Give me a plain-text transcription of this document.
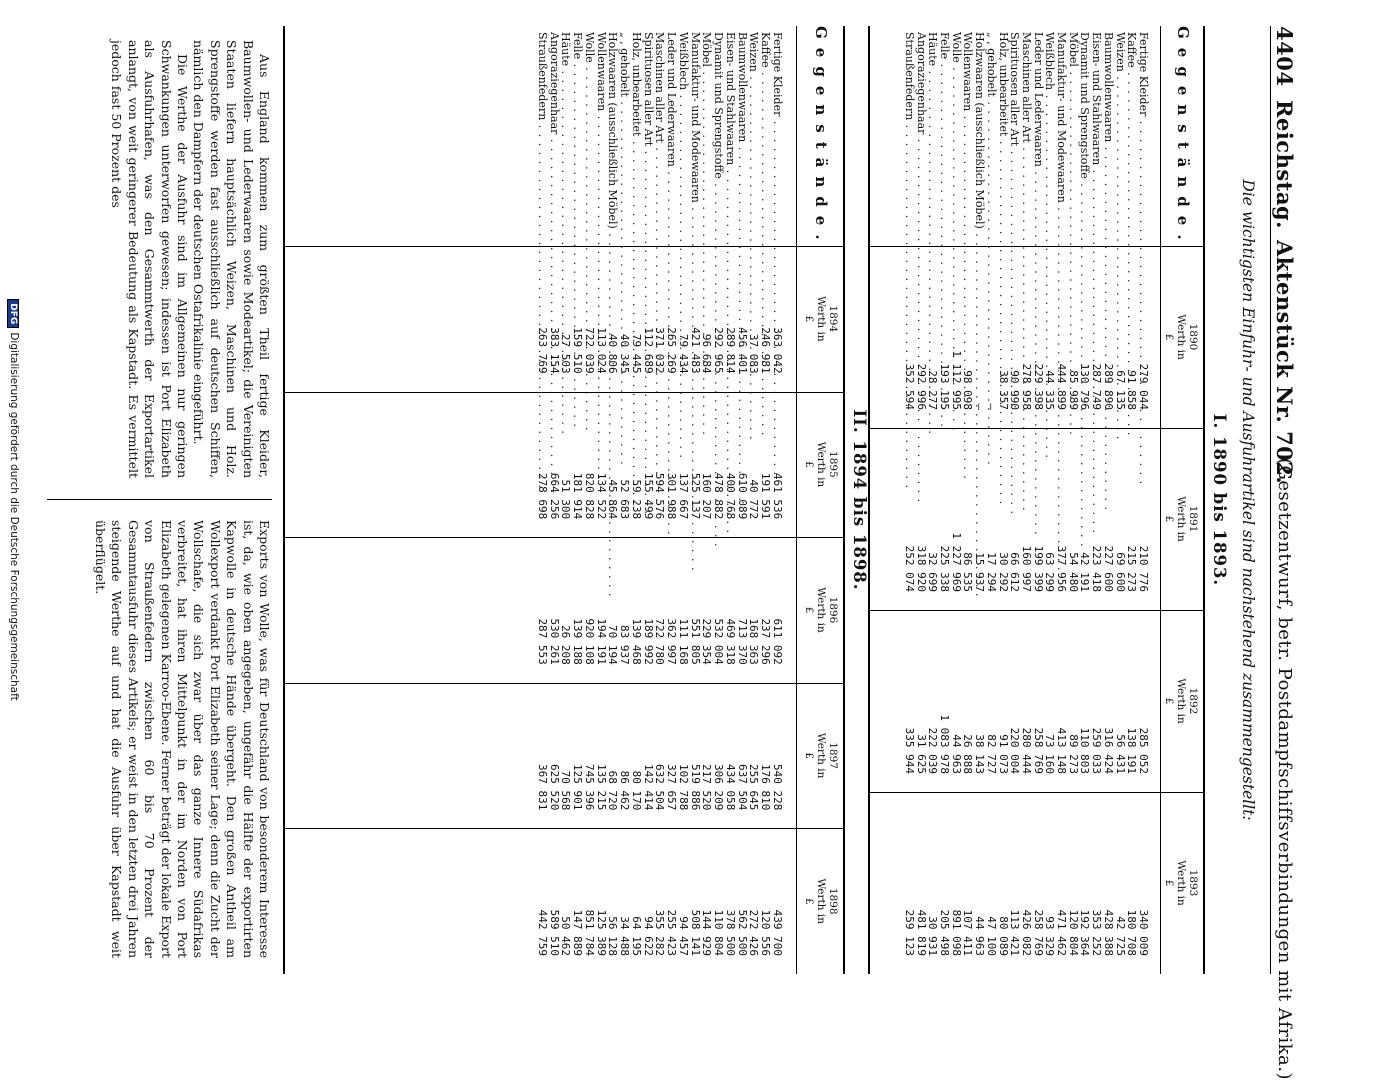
4404
Reichstag.
Aktenstück Nr. 702.
(Gesetzentwurf, betr. Postdampfschiffsverbindungen mit Afrika.)
Die wichtigsten Einfuhr- und Ausfuhrartikel sind nachstehend zusammengestellt:
I. 1890 bis 1893.
Gegenstände.
1890
Werth in
£
1891
Werth in
£
1892
Werth in
£
1893
Werth in
£
Fertige Kleider . . .
279 044
210 776
285 052
340 009
Kaffee . . .
91 858
215 273
138 191
180 708
Weizen . . .
67 135
69 600
56 431
42 725
Baumwollenwaaren . . .
289 890
227 600
316 424
428 388
Eisen- und Stahlwaaren . . .
287 749
223 418
259 033
353 252
Dynamit und Sprengstoffe . . .
130 796
42 191
110 803
192 364
Möbel . . .
85 989
54 480
89 273
120 804
Manufaktur- und Modewaaren . . .
444 899
377 956
413 148
471 462
Weißblech . . .
44 335
63 299
73 160
93 329
Leder und Lederwaaren . . .
229 398
199 399
258 769
258 769
Maschinen aller Art . . .
278 958
160 997
280 444
426 082
Spirituosen aller Art . . .
90 990
66 612
220 004
113 421
Holz, unbearbeitet . . .
38 357
30 292
91 073
80 089
„ , gehobelt . . .
—
17 294
82 727
47 100
Holzwaaren (ausschließlich Möbel) . . .
—
15 937
38 143
44 963
Wollenwaaren . . .
98 098
86 535
26 888
107 411
Wolle . . .
1 112 995
1 227 969
44 963
891 098
Felle . . .
193 195
225 338
1 083 978
205 498
Häute . . .
28 277
32 699
222 039
30 931
Angoraziegenhaar . . .
292 996
318 920
31 625
481 819
Straußenfedern . . .
352 594
252 074
335 944
259 123
II. 1894 bis 1898.
Gegenstände.
1894
Werth in
£
1895
Werth in
£
1896
Werth in
£
1897
Werth in
£
1898
Werth in
£
Fertige Kleider . . .
363 042
461 536
611 092
540 228
439 700
Kaffee . . .
246 981
191 591
237 296
176 810
120 556
Weizen . . .
37 083
40 772
168 363
255 645
272 426
Baumwollenwaaren . . .
456 401
610 089
713 370
637 504
562 500
Eisen- und Stahlwaaren . . .
289 814
400 768
469 318
434 058
378 500
Dynamit und Sprengstoffe . . .
292 965
478 882
532 004
306 209
110 804
Möbel . . .
96 684
160 207
229 354
217 520
144 929
Manufaktur- und Modewaaren . . .
421 483
525 137
551 805
519 886
508 141
Weißblech . . .
79 434
137 667
111 168
102 788
94 457
Leder und Lederwaaren . . .
265 269
301 988
362 997
327 657
255 423
Maschinen aller Art . . .
371 032
594 576
722 780
632 504
355 282
Spirituosen aller Art . . .
112 689
155 499
189 992
142 414
94 622
Holz, unbearbeitet . . .
79 445
59 238
139 468
80 170
64 195
„ , gehobelt . . .
40 345
52 683
83 937
86 462
34 488
Holzwaaren (ausschließlich Möbel) . . .
40 806
45 864
70 194
68 720
56 128
Wollenwaaren . . .
113 024
134 522
194 191
135 215
125 389
Wolle . . .
722 039
820 828
920 108
745 396
851 784
Felle . . .
159 510
181 914
139 188
125 901
147 889
Häute . . .
27 503
51 300
26 208
70 568
50 462
Angoraziegenhaar . . .
383 154
664 256
530 261
625 520
589 510
Straußenfedern . . .
263 769
278 698
287 553
367 831
442 759

Aus England kommen zum größten Theil fertige Kleider, Baumwollen- und Lederwaaren sowie Modeartikel; die Vereinigten Staaten liefern hauptsächlich Weizen, Maschinen und Holz. Sprengstoffe werden fast ausschließlich auf deutschen Schiffen, nämlich den Dampfern der deutschen Ostafrikalinie eingeführt.

Die Werthe der Ausfuhr sind im Allgemeinen nur geringen Schwankungen unterworfen gewesen; indessen ist Port Elizabeth als Ausfuhrhafen, was den Gesammtwerth der Exportartikel anlangt, von weit geringerer Bedeutung als Kapstadt. Es vermittelt jedoch fast 50 Prozent des

Exports von Wolle, was für Deutschland von besonderem Interesse ist, da, wie oben angegeben, ungefähr die Hälfte der exportirten Kapwolle in deutsche Hände übergeht. Den großen Antheil am Wollexport verdankt Port Elizabeth seiner Lage; denn die Zucht der Wollschafe, die sich zwar über das ganze Innere Südafrikas verbreitet, hat ihren Mittelpunkt in der im Norden von Port Elizabeth gelegenen Karroo-Ebene. Ferner beträgt der lokale Export von Straußenfedern zwischen 60 bis 70 Prozent der Gesammtausfuhr dieses Artikels; er weist in den letzten drei Jahren steigende Werthe auf und hat die Ausfuhr über Kapstadt weit überflügelt.

DFGDigitalisierung gefördert durch die Deutsche Forschungsgemeinschaft
